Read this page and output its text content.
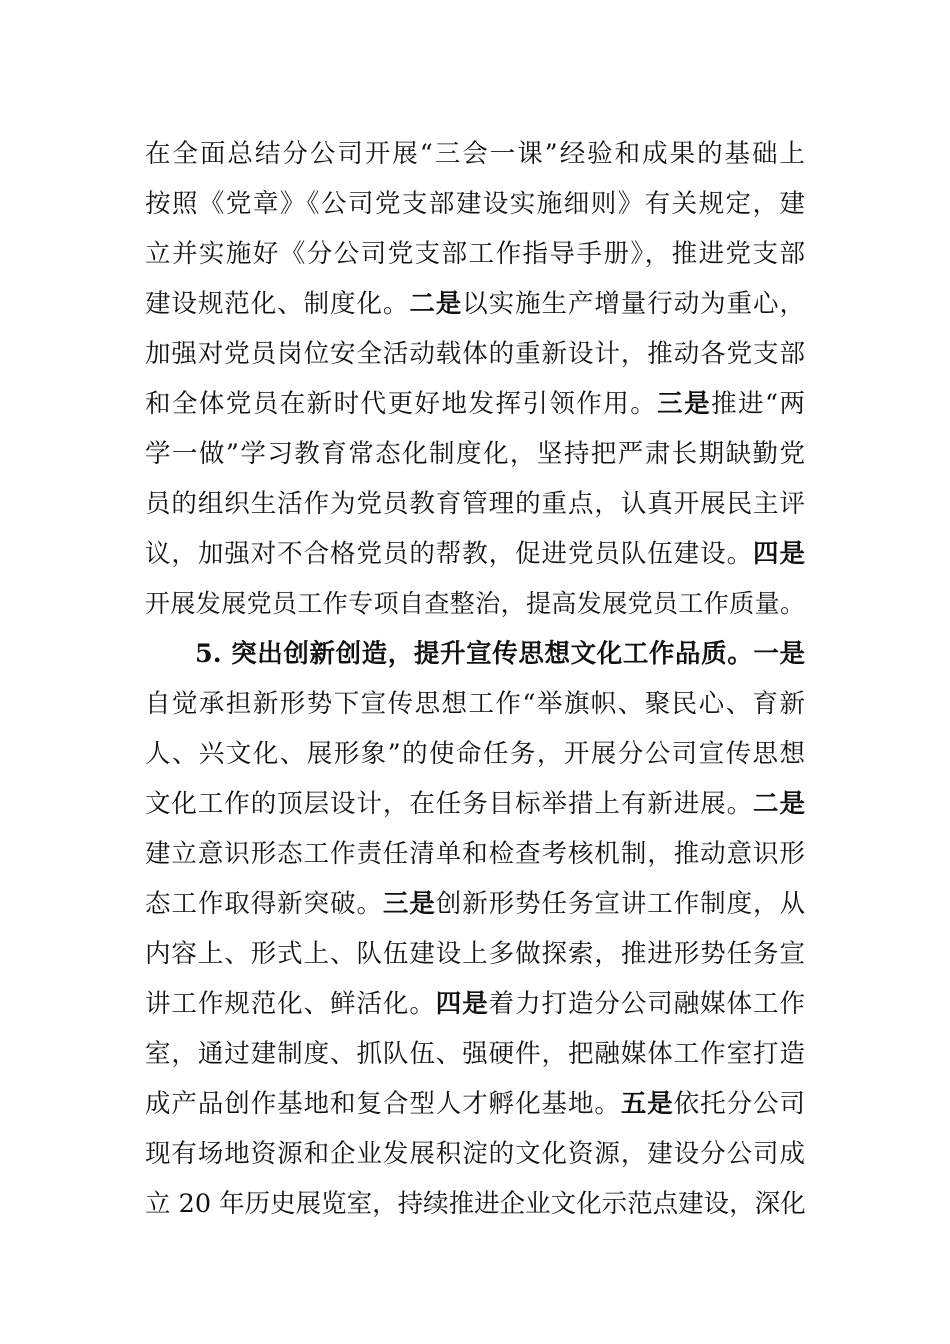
在全面总结分公司开展“三会一课”经验和成果的基础上
按照《党章》《公司党支部建设实施细则》有关规定，建
立并实施好《分公司党支部工作指导手册》，推进党支部
建设规范化、制度化。二是以实施生产增量行动为重心，
加强对党员岗位安全活动载体的重新设计，推动各党支部
和全体党员在新时代更好地发挥引领作用。三是推进“两
学一做”学习教育常态化制度化，坚持把严肃长期缺勤党
员的组织生活作为党员教育管理的重点，认真开展民主评
议，加强对不合格党员的帮教，促进党员队伍建设。四是
开展发展党员工作专项自查整治，提高发展党员工作质量。
5. 突出创新创造，提升宣传思想文化工作品质。一是
自觉承担新形势下宣传思想工作“举旗帜、聚民心、育新
人、兴文化、展形象”的使命任务，开展分公司宣传思想
文化工作的顶层设计，在任务目标举措上有新进展。二是
建立意识形态工作责任清单和检查考核机制，推动意识形
态工作取得新突破。三是创新形势任务宣讲工作制度，从
内容上、形式上、队伍建设上多做探索，推进形势任务宣
讲工作规范化、鲜活化。四是着力打造分公司融媒体工作
室，通过建制度、抓队伍、强硬件，把融媒体工作室打造
成产品创作基地和复合型人才孵化基地。五是依托分公司
现有场地资源和企业发展积淀的文化资源，建设分公司成
立 20 年历史展览室，持续推进企业文化示范点建设，深化
